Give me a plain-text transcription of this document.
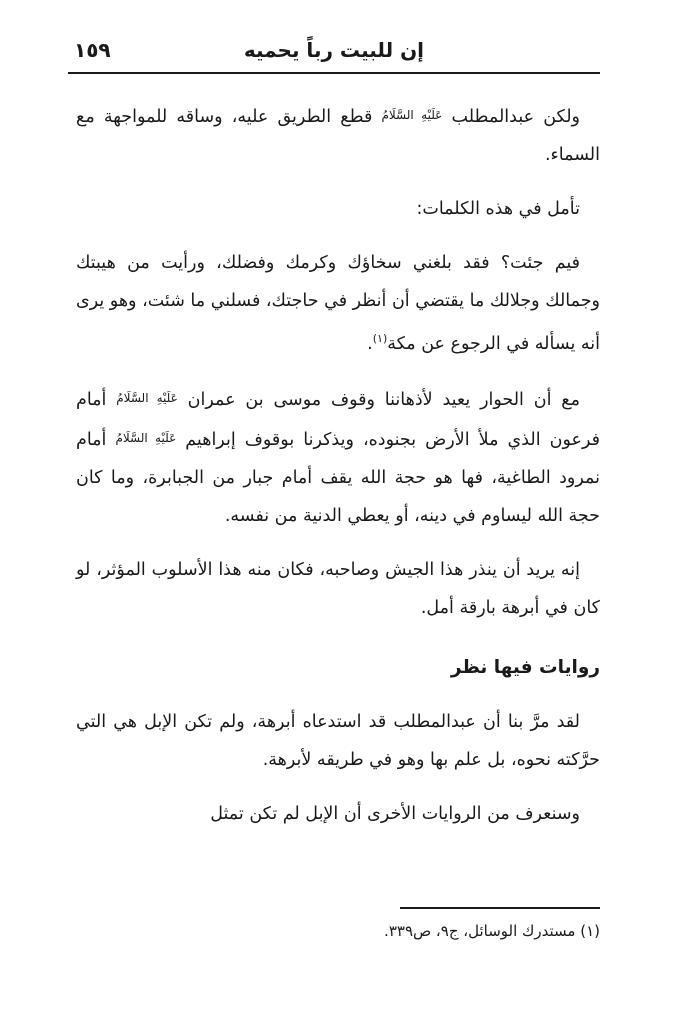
إن للبيت رباً يحميه
١٥٩

ولكن عبدالمطلب عَلَيْهِ السَّلَامُ قطع الطريق عليه، وساقه للمواجهة مع السماء.

تأمل في هذه الكلمات:

فيم جئت؟ فقد بلغني سخاؤك وكرمك وفضلك، ورأيت من هيبتك وجمالك وجلالك ما يقتضي أن أنظر في حاجتك، فسلني ما شئت، وهو يرى أنه يسأله في الرجوع عن مكة$^{(١)}$.

مع أن الحوار يعيد لأذهاننا وقوف موسى بن عمران عَلَيْهِ السَّلَامُ أمام فرعون الذي ملأ الأرض بجنوده، ويذكرنا بوقوف إبراهيم عَلَيْهِ السَّلَامُ أمام نمرود الطاغية، فها هو حجة الله يقف أمام جبار من الجبابرة، وما كان حجة الله ليساوم في دينه، أو يعطي الدنية من نفسه.

إنه يريد أن ينذر هذا الجيش وصاحبه، فكان منه هذا الأسلوب المؤثر، لو كان في أبرهة بارقة أمل.

روايات فيها نظر

لقد مرَّ بنا أن عبدالمطلب قد استدعاه أبرهة، ولم تكن الإبل هي التي حرَّكته نحوه، بل علم بها وهو في طريقه لأبرهة.

وسنعرف من الروايات الأخرى أن الإبل لم تكن تمثل

(١) مستدرك الوسائل، ج٩، ص٣٣٩.
